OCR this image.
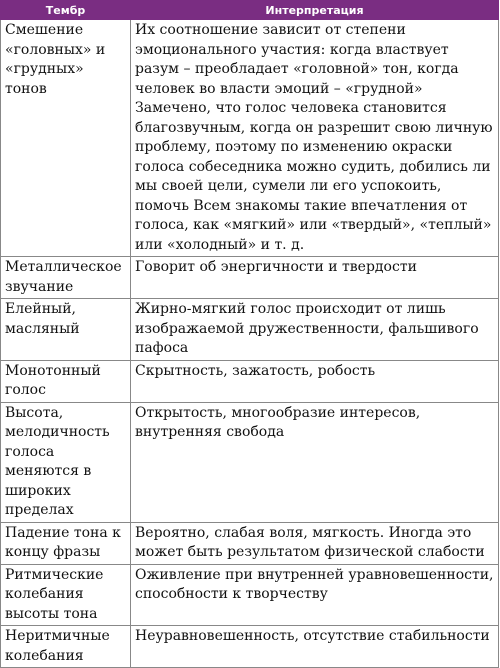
Тембр	Интерпретация

Смешение «головных» и «грудных» тонов	Их соотношение зависит от степени эмоционального участия: когда властвует разум – преобладает «головной» тон, когда человек во власти эмоций – «грудной» Замечено, что голос человека становится благозвучным, когда он разрешит свою личную проблему, поэтому по изменению окраски голоса собеседника можно судить, добились ли мы своей цели, сумели ли его успокоить, помочь Всем знакомы такие впечатления от голоса, как «мягкий» или «твердый», «теплый» или «холодный» и т. д.

Металлическое звучание	Говорит об энергичности и твердости

Елейный, масляный	Жирно-мягкий голос происходит от лишь изображаемой дружественности, фальшивого пафоса

Монотонный голос	Скрытность, зажатость, робость

Высота, мелодичность голоса меняются в широких пределах	Открытость, многообразие интересов, внутренняя свобода

Падение тона к концу фразы	Вероятно, слабая воля, мягкость. Иногда это может быть результатом физической слабости

Ритмические колебания высоты тона	Оживление при внутренней уравновешенности, способности к творчеству

Неритмичные колебания	Неуравновешенность, отсутствие стабильности
